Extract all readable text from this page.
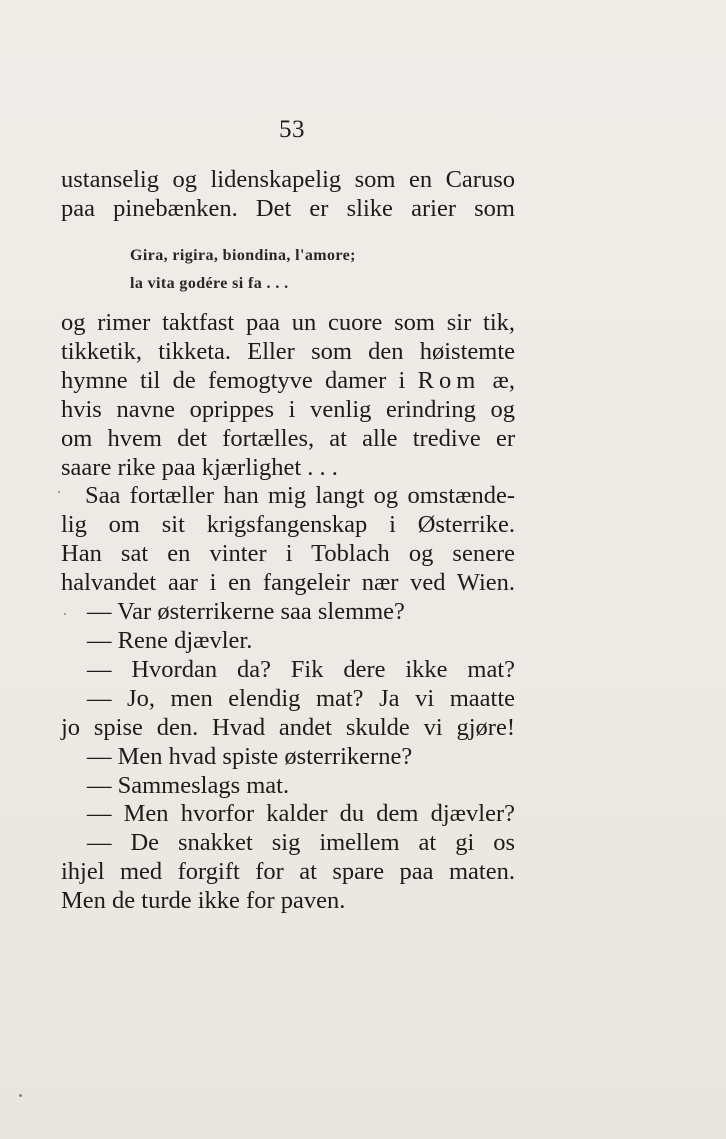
53
ustanselig og lidenskapelig som en Caruso
paa pinebænken. Det er slike arier som
Gira, rigira, biondina, l'amore;
la vita godére si fa . . .
og rimer taktfast paa un cuore som sir tik,
tikketik, tikketa. Eller som den høistemte
hymne til de femogtyve damer i Rom æ,
hvis navne oprippes i venlig erindring og
om hvem det fortælles, at alle tredive er
saare rike paa kjærlighet . . .
Saa fortæller han mig langt og omstænde-
lig om sit krigsfangenskap i Østerrike.
Han sat en vinter i Toblach og senere
halvandet aar i en fangeleir nær ved Wien.
— Var østerrikerne saa slemme?
— Rene djævler.
— Hvordan da? Fik dere ikke mat?
— Jo, men elendig mat? Ja vi maatte
jo spise den. Hvad andet skulde vi gjøre!
— Men hvad spiste østerrikerne?
— Sammeslags mat.
— Men hvorfor kalder du dem djævler?
— De snakket sig imellem at gi os
ihjel med forgift for at spare paa maten.
Men de turde ikke for paven.
